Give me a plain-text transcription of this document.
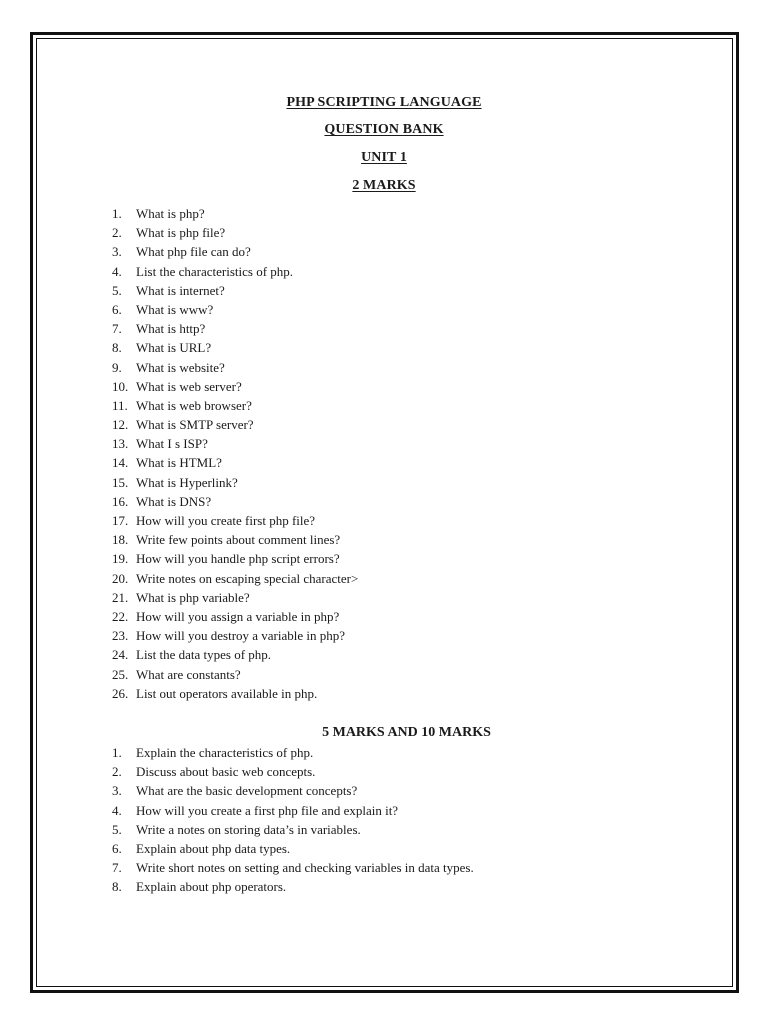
PHP SCRIPTING LANGUAGE
QUESTION BANK
UNIT 1
2 MARKS
1.	What is php?
2.	What is php file?
3.	What php file can do?
4.	List the characteristics of php.
5.	What is internet?
6.	What is www?
7.	What is http?
8.	What is URL?
9.	What is website?
10. What is web server?
11. What is web browser?
12. What is SMTP server?
13. What I s ISP?
14. What is HTML?
15. What is Hyperlink?
16. What is DNS?
17. How will you create first php file?
18. Write few points about comment lines?
19. How will you handle php script errors?
20. Write notes on escaping special character>
21. What is php variable?
22. How will you assign a variable in php?
23. How will you destroy a variable in php?
24. List the data types of php.
25. What are constants?
26. List out operators available in php.
5 MARKS AND 10 MARKS
1.	Explain the characteristics of php.
2.	Discuss about basic web concepts.
3.	What are the basic development concepts?
4.	How will you create a first php file and explain it?
5.	Write a notes on storing data’s in variables.
6.	Explain about php data types.
7.	Write short notes on setting and checking variables in data types.
8.	Explain about php operators.
